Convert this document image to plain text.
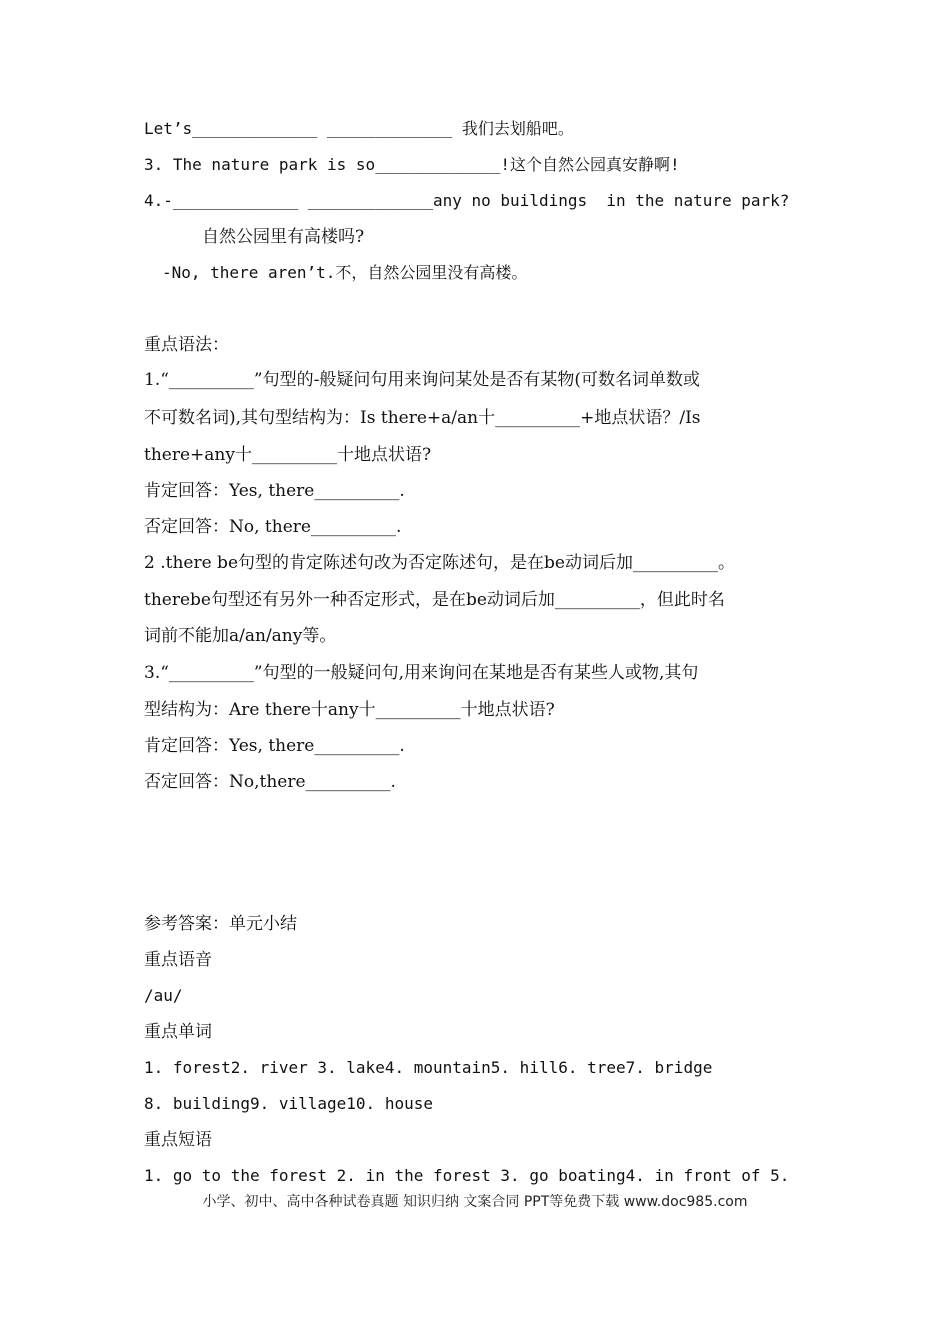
Let’s_____________ _____________ 我们去划船吧。
3. The nature park is so_____________!这个自然公园真安静啊!
4.-_____________ _____________any no buildings  in the nature park?
自然公园里有高楼吗?
-No, there aren’t.不，自然公园里没有高楼。
重点语法：
1.“__________”句型的-般疑问句用来询问某处是否有某物(可数名词单数或
不可数名词),其句型结构为：Is there+a/an十__________+地点状语？/Is
there+any十__________十地点状语?
肯定回答：Yes, there__________.
否定回答：No, there__________.
2 .there be句型的肯定陈述句改为否定陈述句，是在be动词后加__________。
therebe句型还有另外一种否定形式，是在be动词后加__________，但此时名
词前不能加a/an/any等。
3.“__________”句型的一般疑问句,用来询问在某地是否有某些人或物,其句
型结构为：Are there十any十__________十地点状语?
肯定回答：Yes, there__________.
否定回答：No,there__________.
参考答案：单元小结
重点语音
/au/
重点单词
1. forest2. river 3. lake4. mountain5. hill6. tree7. bridge
8. building9. village10. house
重点短语
1. go to the forest 2. in the forest 3. go boating4. in front of 5.
小学、初中、高中各种试卷真题 知识归纳 文案合同 PPT等免费下载 www.doc985.com
